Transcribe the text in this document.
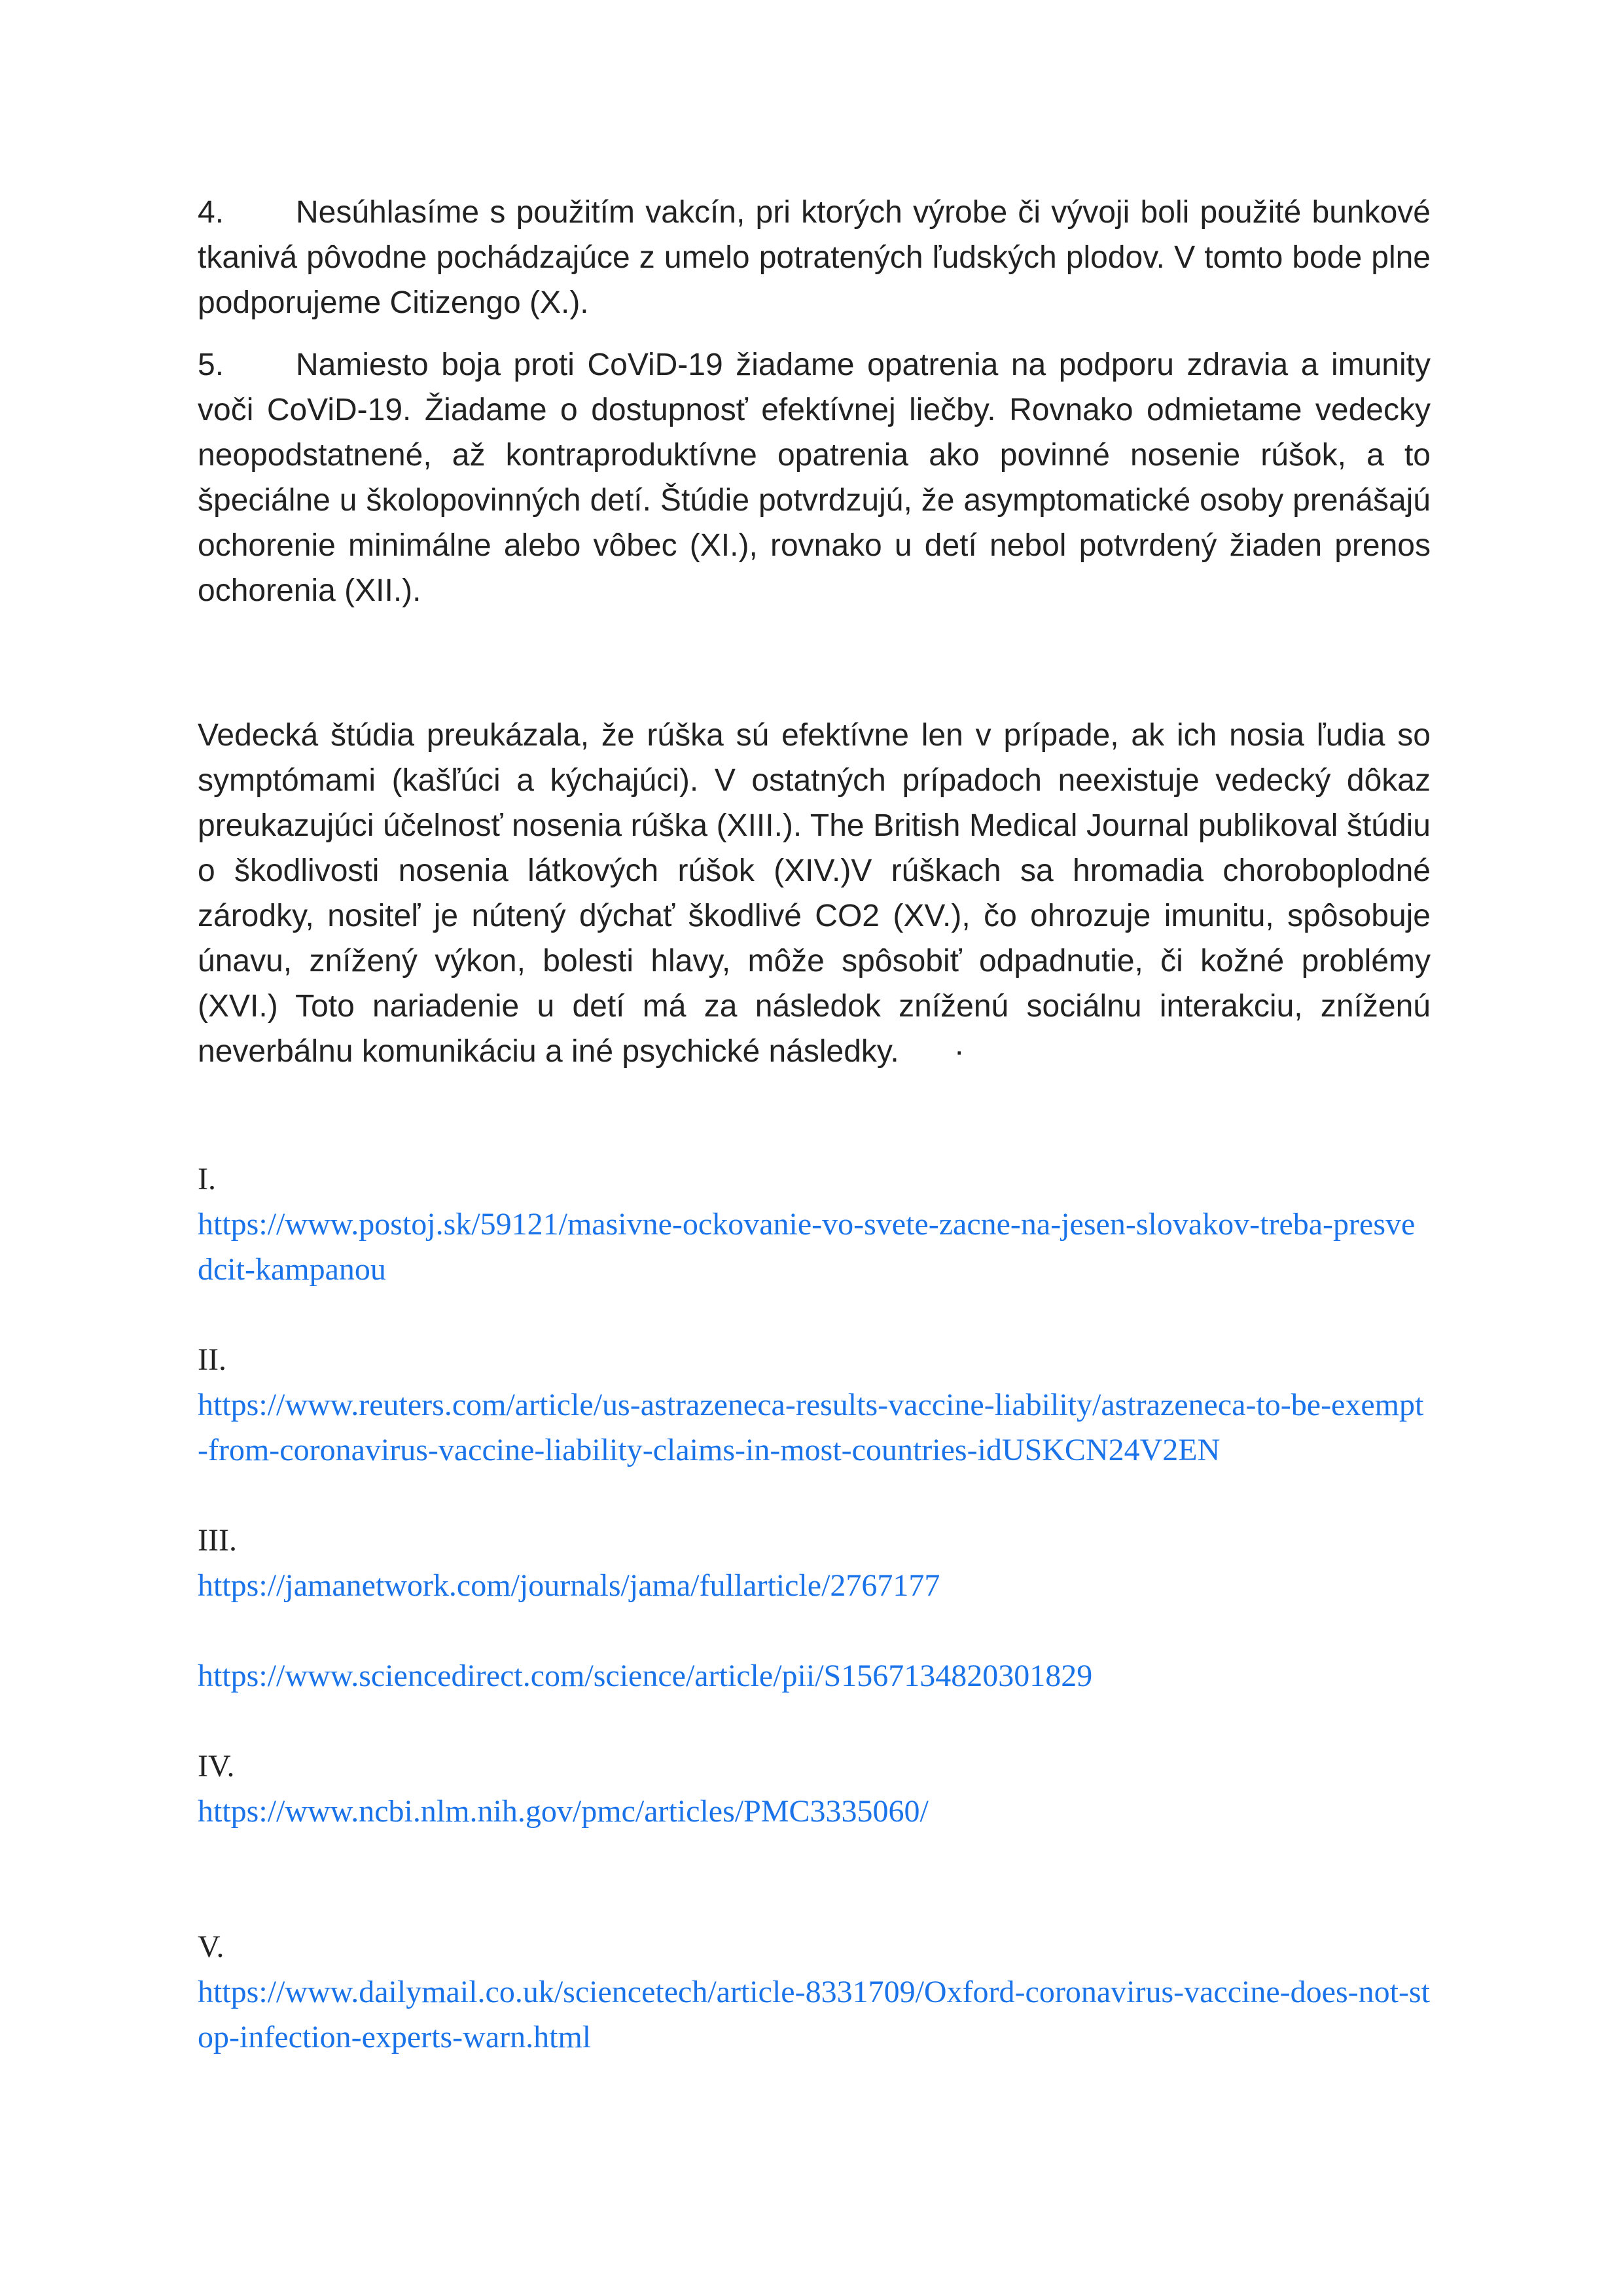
4. Nesúhlasíme s použitím vakcín, pri ktorých výrobe či vývoji boli použité bunkové tkanivá pôvodne pochádzajúce z umelo potratených ľudských plodov. V tomto bode plne podporujeme Citizengo (X.).

5. Namiesto boja proti CoViD-19 žiadame opatrenia na podporu zdravia a imunity voči CoViD-19. Žiadame o dostupnosť efektívnej liečby. Rovnako odmietame vedecky neopodstatnené, až kontraproduktívne opatrenia ako povinné nosenie rúšok, a to špeciálne u školopovinných detí. Štúdie potvrdzujú, že asymptomatické osoby prenášajú ochorenie minimálne alebo vôbec (XI.), rovnako u detí nebol potvrdený žiaden prenos ochorenia (XII.).

Vedecká štúdia preukázala, že rúška sú efektívne len v prípade, ak ich nosia ľudia so symptómami (kašľúci a kýchajúci). V ostatných prípadoch neexistuje vedecký dôkaz preukazujúci účelnosť nosenia rúška (XIII.). The British Medical Journal publikoval štúdiu o škodlivosti nosenia látkových rúšok (XIV.)V rúškach sa hromadia choroboplodné zárodky, nositeľ je nútený dýchať škodlivé CO2 (XV.), čo ohrozuje imunitu, spôsobuje únavu, znížený výkon, bolesti hlavy, môže spôsobiť odpadnutie, či kožné problémy (XVI.) Toto nariadenie u detí má za následok zníženú sociálnu interakciu, zníženú neverbálnu komunikáciu a iné psychické následky. ·

I.
https://www.postoj.sk/59121/masivne-ockovanie-vo-svete-zacne-na-jesen-slovakov-treba-presvedcit-kampanou
II.
https://www.reuters.com/article/us-astrazeneca-results-vaccine-liability/astrazeneca-to-be-exempt-from-coronavirus-vaccine-liability-claims-in-most-countries-idUSKCN24V2EN
III.
https://jamanetwork.com/journals/jama/fullarticle/2767177
https://www.sciencedirect.com/science/article/pii/S1567134820301829
IV.
https://www.ncbi.nlm.nih.gov/pmc/articles/PMC3335060/
V.
https://www.dailymail.co.uk/sciencetech/article-8331709/Oxford-coronavirus-vaccine-does-not-stop-infection-experts-warn.html
